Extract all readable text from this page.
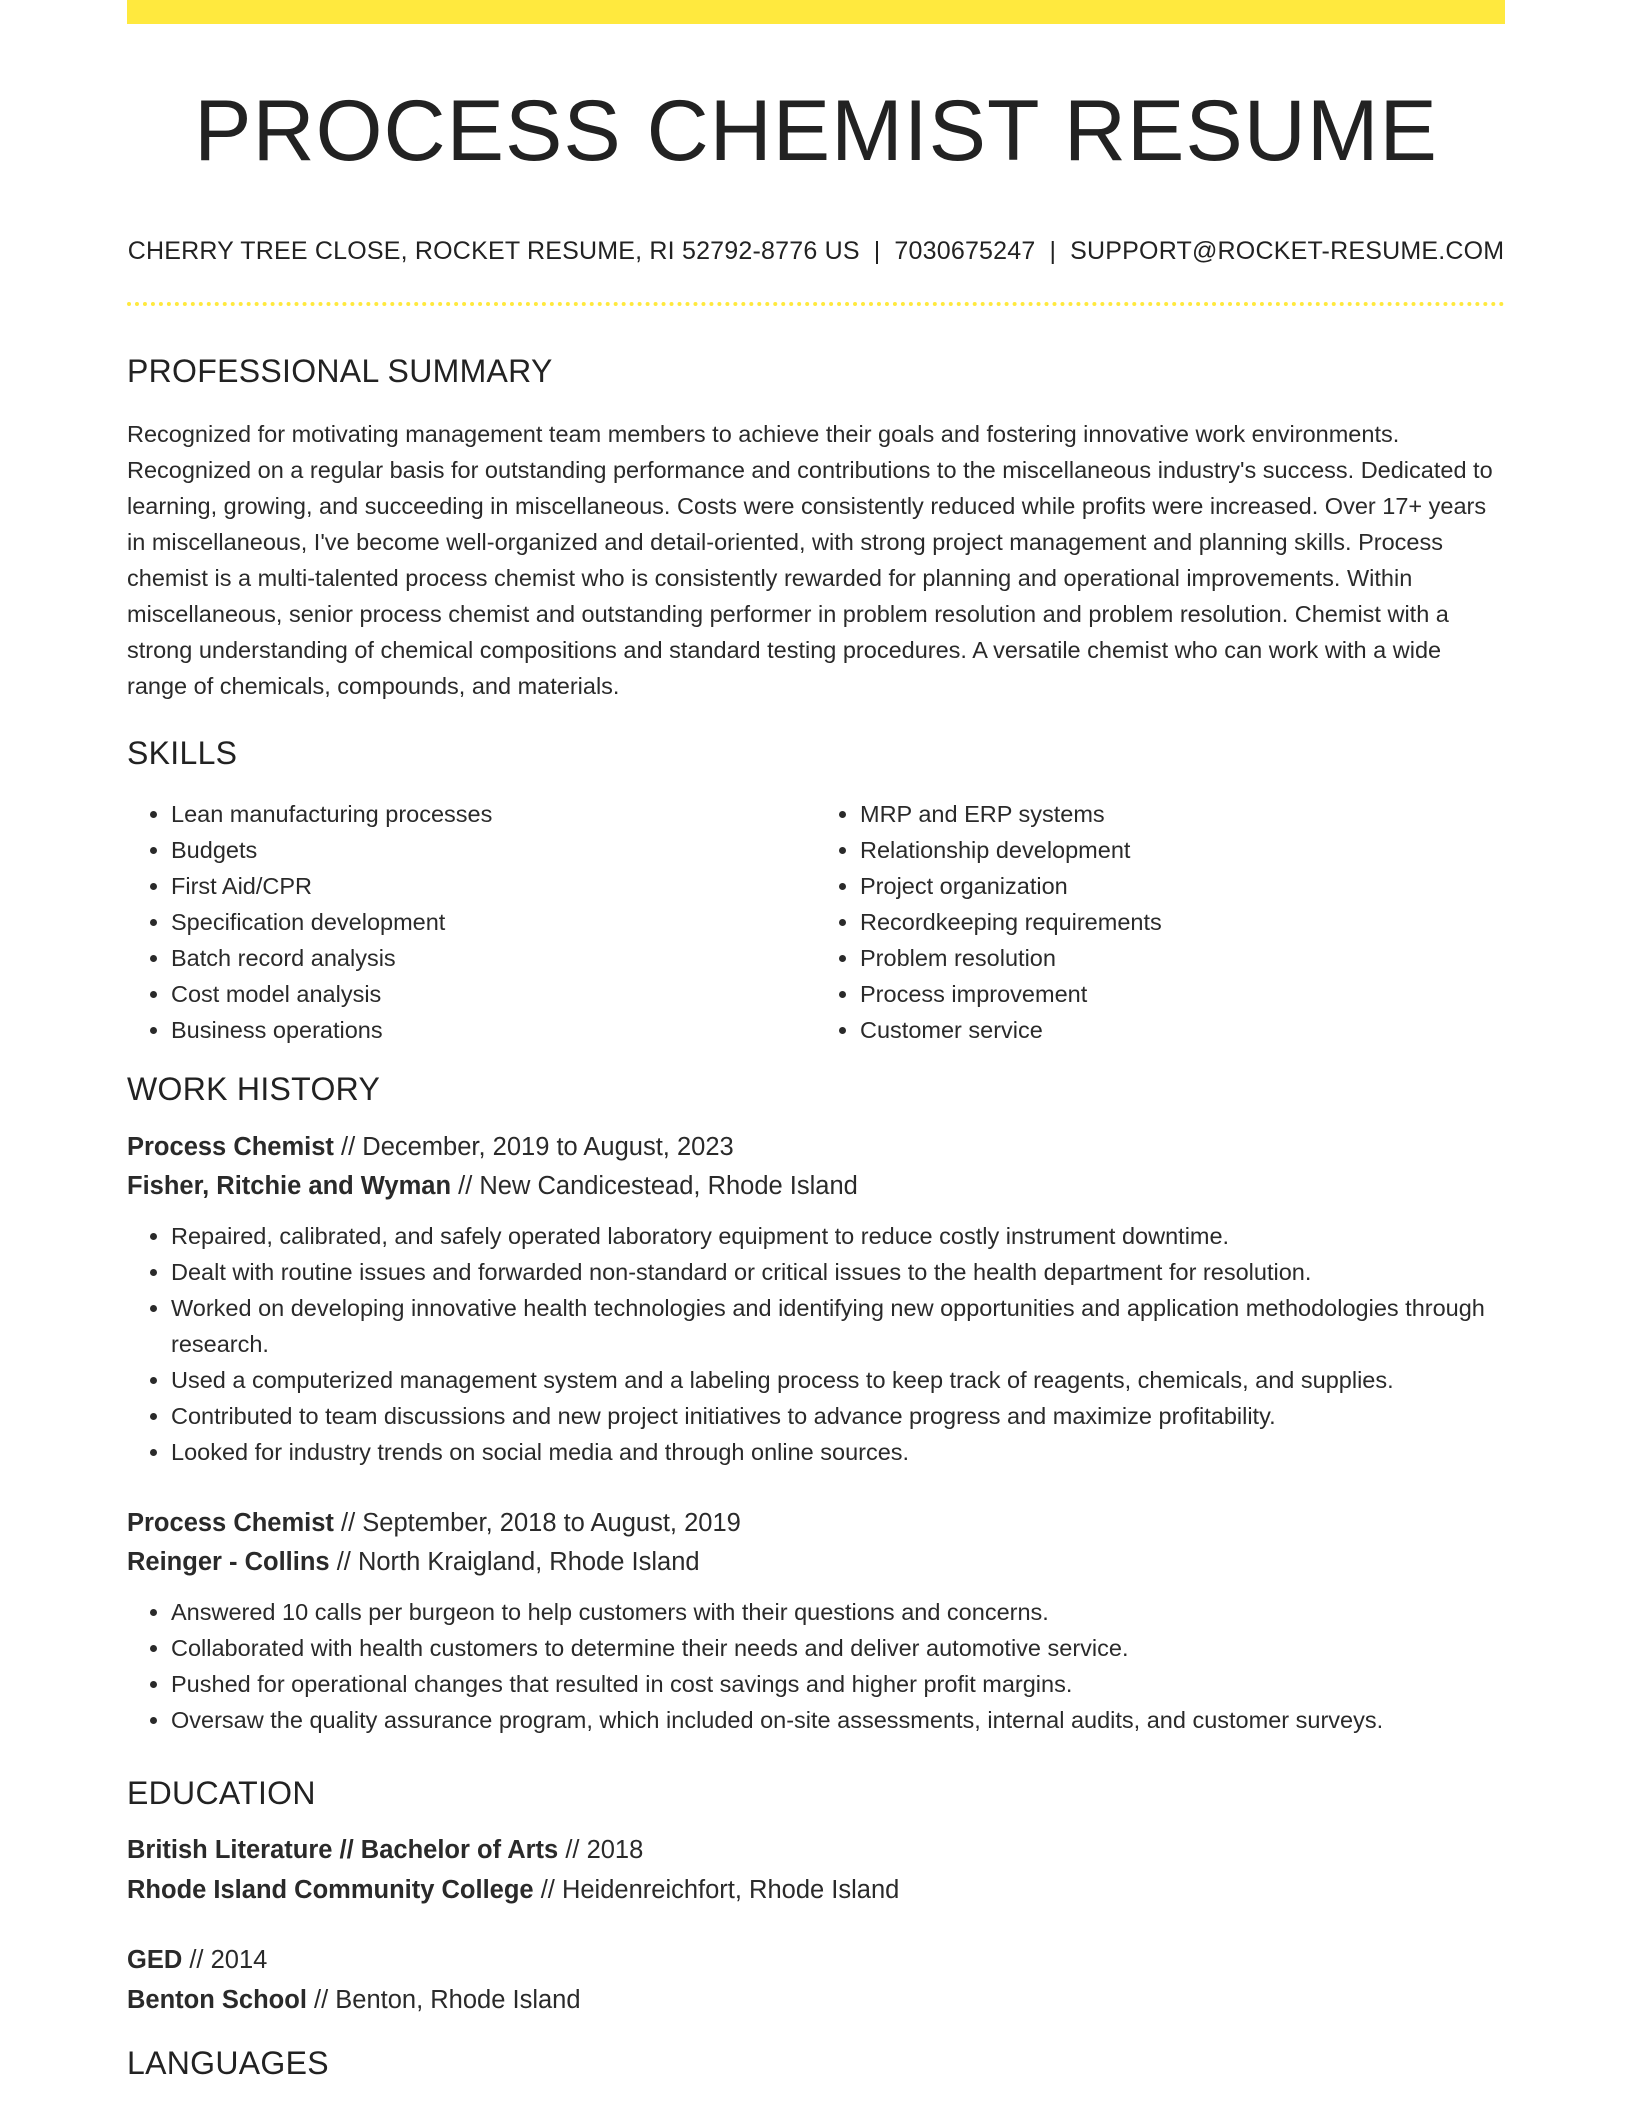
PROCESS CHEMIST RESUME
CHERRY TREE CLOSE, ROCKET RESUME, RI 52792-8776 US | 7030675247 | SUPPORT@ROCKET-RESUME.COM
PROFESSIONAL SUMMARY
Recognized for motivating management team members to achieve their goals and fostering innovative work environments. Recognized on a regular basis for outstanding performance and contributions to the miscellaneous industry's success. Dedicated to learning, growing, and succeeding in miscellaneous. Costs were consistently reduced while profits were increased. Over 17+ years in miscellaneous, I've become well-organized and detail-oriented, with strong project management and planning skills. Process chemist is a multi-talented process chemist who is consistently rewarded for planning and operational improvements. Within miscellaneous, senior process chemist and outstanding performer in problem resolution and problem resolution. Chemist with a strong understanding of chemical compositions and standard testing procedures. A versatile chemist who can work with a wide range of chemicals, compounds, and materials.
SKILLS
• Lean manufacturing processes
• Budgets
• First Aid/CPR
• Specification development
• Batch record analysis
• Cost model analysis
• Business operations
• MRP and ERP systems
• Relationship development
• Project organization
• Recordkeeping requirements
• Problem resolution
• Process improvement
• Customer service
WORK HISTORY
Process Chemist // December, 2019 to August, 2023
Fisher, Ritchie and Wyman // New Candicestead, Rhode Island
• Repaired, calibrated, and safely operated laboratory equipment to reduce costly instrument downtime.
• Dealt with routine issues and forwarded non-standard or critical issues to the health department for resolution.
• Worked on developing innovative health technologies and identifying new opportunities and application methodologies through research.
• Used a computerized management system and a labeling process to keep track of reagents, chemicals, and supplies.
• Contributed to team discussions and new project initiatives to advance progress and maximize profitability.
• Looked for industry trends on social media and through online sources.
Process Chemist // September, 2018 to August, 2019
Reinger - Collins // North Kraigland, Rhode Island
• Answered 10 calls per burgeon to help customers with their questions and concerns.
• Collaborated with health customers to determine their needs and deliver automotive service.
• Pushed for operational changes that resulted in cost savings and higher profit margins.
• Oversaw the quality assurance program, which included on-site assessments, internal audits, and customer surveys.
EDUCATION
British Literature // Bachelor of Arts // 2018
Rhode Island Community College // Heidenreichfort, Rhode Island
GED // 2014
Benton School // Benton, Rhode Island
LANGUAGES
